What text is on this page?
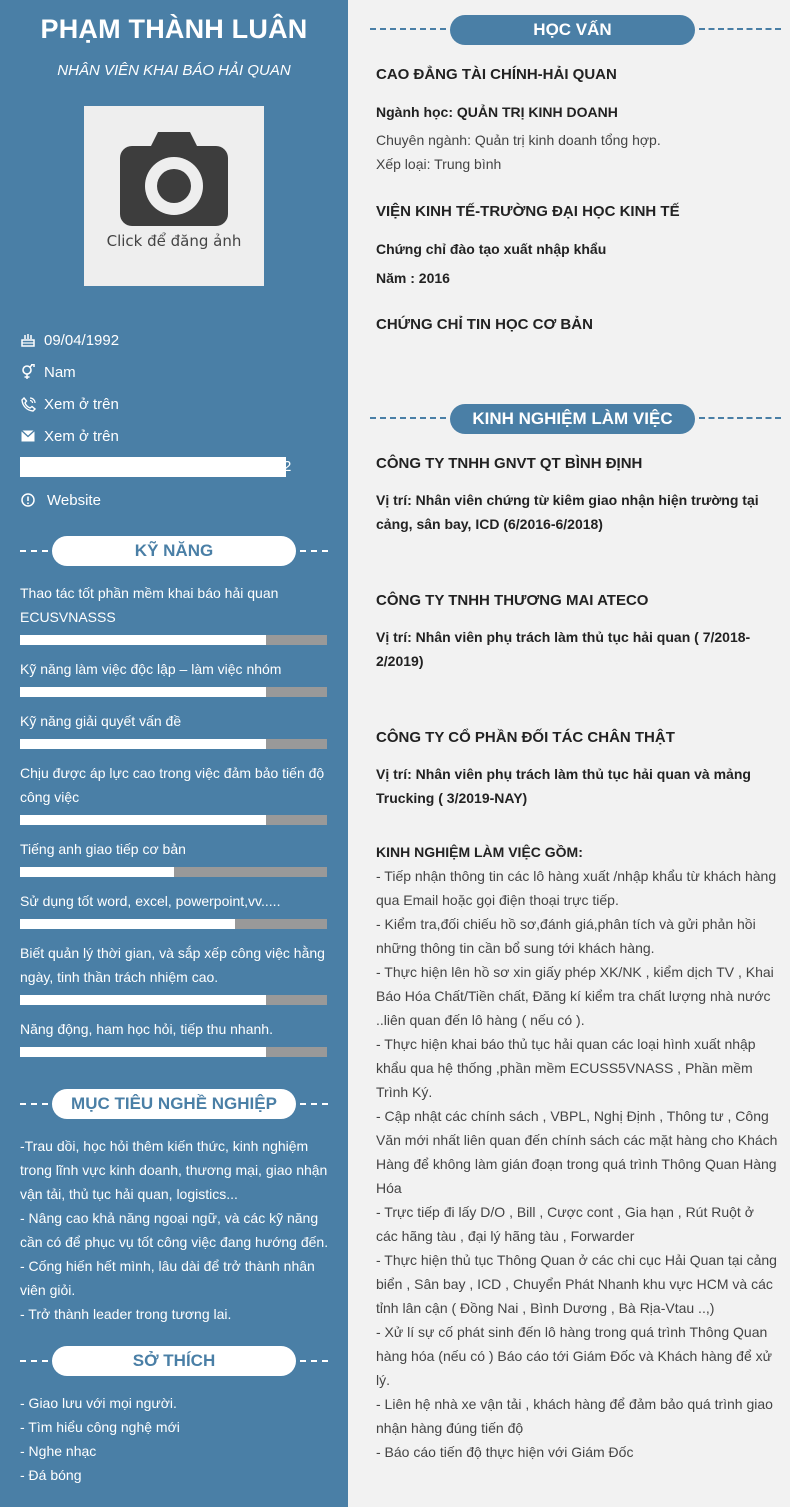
PHẠM THÀNH LUÂN
NHÂN VIÊN KHAI BÁO HẢI QUAN
Click để đăng ảnh
09/04/1992
Nam
Xem ở trên
Xem ở trên
2
Website
KỸ NĂNG
Thao tác tốt phần mềm khai báo hải quan ECUSVNASSS
Kỹ năng làm việc độc lập – làm việc nhóm
Kỹ năng giải quyết vấn đề
Chịu được áp lực cao trong việc đảm bảo tiến độ công việc
Tiếng anh giao tiếp cơ bản
Sử dụng tốt word, excel, powerpoint,vv.....
Biết quản lý thời gian, và sắp xếp công việc hằng ngày, tinh thần trách nhiệm cao.
Năng động, ham học hỏi, tiếp thu nhanh.
MỤC TIÊU NGHỀ NGHIỆP
-Trau dồi, học hỏi thêm kiến thức, kinh nghiệm trong lĩnh vực kinh doanh, thương mại, giao nhận vận tải, thủ tục hải quan, logistics...
- Nâng cao khả năng ngoại ngữ, và các kỹ năng cần có để phục vụ tốt công việc đang hướng đến.
- Cống hiến hết mình, lâu dài để trở thành nhân viên giỏi.
- Trở thành leader trong tương lai.
SỞ THÍCH
- Giao lưu với mọi người.
- Tìm hiểu công nghệ mới
- Nghe nhạc
- Đá bóng
HỌC VẤN
CAO ĐẲNG TÀI CHÍNH-HẢI QUAN
Ngành học: QUẢN TRỊ KINH DOANH
Chuyên ngành: Quản trị kinh doanh tổng hợp.
Xếp loại: Trung bình
VIỆN KINH TẾ-TRƯỜNG ĐẠI HỌC KINH TẾ
Chứng chỉ đào tạo xuất nhập khẩu
Năm : 2016
CHỨNG CHỈ TIN HỌC CƠ BẢN
KINH NGHIỆM LÀM VIỆC
CÔNG TY TNHH GNVT QT BÌNH ĐỊNH
Vị trí: Nhân viên chứng từ kiêm giao nhận hiện trường tại cảng, sân bay, ICD (6/2016-6/2018)
CÔNG TY TNHH THƯƠNG MAI ATECO
Vị trí: Nhân viên phụ trách làm thủ tục hải quan ( 7/2018-2/2019)
CÔNG TY CỔ PHẦN ĐỐI TÁC CHÂN THẬT
Vị trí: Nhân viên phụ trách làm thủ tục hải quan và mảng Trucking ( 3/2019-NAY)
KINH NGHIỆM LÀM VIỆC GỒM:
- Tiếp nhận thông tin các lô hàng xuất /nhập khẩu từ khách hàng qua Email hoặc gọi điện thoại trực tiếp.
- Kiểm tra,đối chiếu hồ sơ,đánh giá,phân tích và gửi phản hồi những thông tin cần bổ sung tới khách hàng.
- Thực hiện lên hồ sơ xin giấy phép XK/NK , kiểm dịch TV , Khai Báo Hóa Chất/Tiền chất, Đăng kí kiểm tra chất lượng nhà nước ..liên quan đến lô hàng ( nếu có ).
- Thực hiện khai báo thủ tục hải quan các loại hình xuất nhập khẩu qua hệ thống ,phần mềm ECUSS5VNASS , Phần mềm Trình Ký.
- Cập nhật các chính sách , VBPL, Nghị Định , Thông tư , Công Văn mới nhất liên quan đến chính sách các mặt hàng cho Khách Hàng để không làm gián đoạn trong quá trình Thông Quan Hàng Hóa
- Trực tiếp đi lấy D/O , Bill , Cược cont , Gia hạn , Rút Ruột ở các hãng tàu , đại lý hãng tàu , Forwarder
- Thực hiện thủ tục Thông Quan ở các chi cục Hải Quan tại cảng biển , Sân bay , ICD , Chuyển Phát Nhanh khu vực HCM và các tỉnh lân cận ( Đồng Nai , Bình Dương , Bà Rịa-Vtau ..,)
- Xử lí sự cố phát sinh đến lô hàng trong quá trình Thông Quan hàng hóa (nếu có ) Báo cáo tới Giám Đốc và Khách hàng để xử lý.
- Liên hệ nhà xe vận tải , khách hàng để đảm bảo quá trình giao nhận hàng đúng tiến độ
- Báo cáo tiến độ thực hiện với Giám Đốc
